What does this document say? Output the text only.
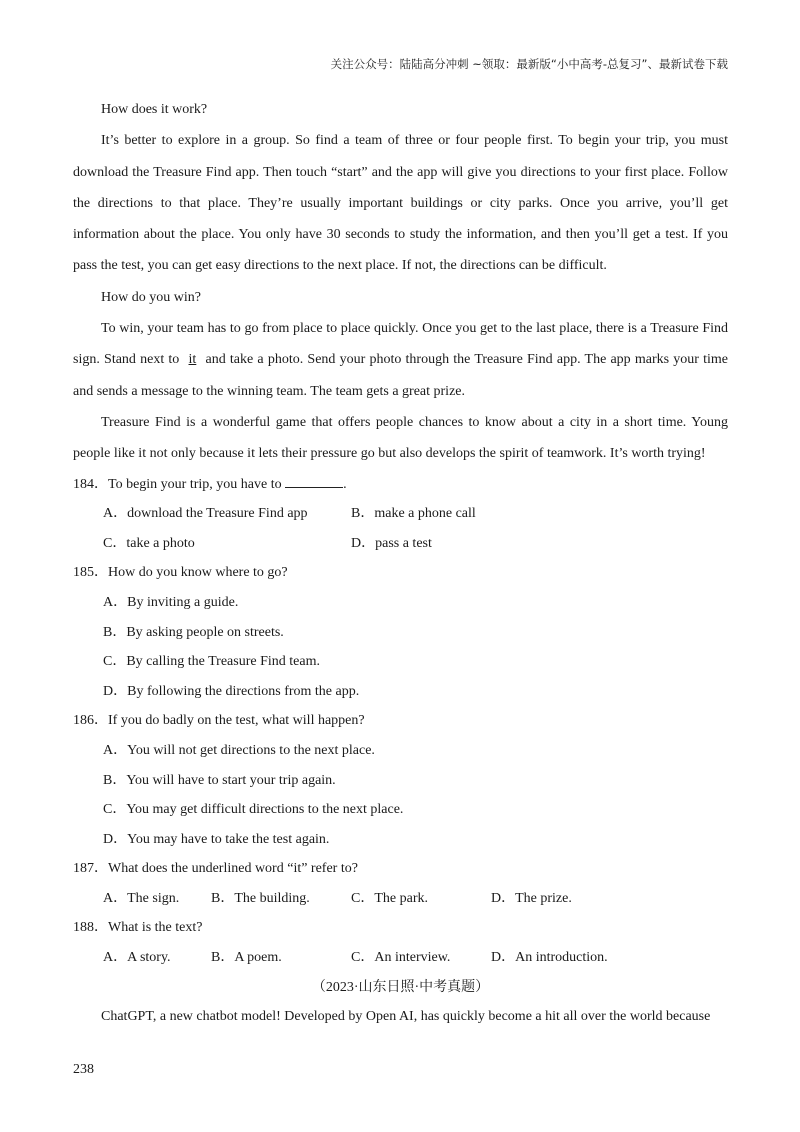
关注公众号：陆陆高分冲刺 ~领取：最新版“小中高考-总复习”、最新试卷下载

How does it work?

It’s better to explore in a group. So find a team of three or four people first. To begin your trip, you must download the Treasure Find app. Then touch “start” and the app will give you directions to your first place. Follow the directions to that place. They’re usually important buildings or city parks. Once you arrive, you’ll get information about the place. You only have 30 seconds to study the information, and then you’ll get a test. If you pass the test, you can get easy directions to the next place. If not, the directions can be difficult.

How do you win?

To win, your team has to go from place to place quickly. Once you get to the last place, there is a Treasure Find sign. Stand next to it and take a photo. Send your photo through the Treasure Find app. The app marks your time and sends a message to the winning team. The team gets a great prize.

Treasure Find is a wonderful game that offers people chances to know about a city in a short time. Young people like it not only because it lets their pressure go but also develops the spirit of teamwork. It’s worth trying!

184．To begin your trip, you have to	.

A．download the Treasure Find app	B．make a phone call
C．take a photo	D．pass a test

185．How do you know where to go?

A．By inviting a guide.

B．By asking people on streets.

C．By calling the Treasure Find team.

D．By following the directions from the app.

186．If you do badly on the test, what will happen?

A．You will not get directions to the next place.

B．You will have to start your trip again.

C．You may get difficult directions to the next place.

D．You may have to take the test again.

187．What does the underlined word “it” refer to?

A．The sign.	B．The building.	C．The park.	D．The prize.

188．What is the text?

A．A story.	B．A poem.	C．An interview.	D．An introduction.

（2023·山东日照·中考真题）

ChatGPT, a new chatbot model! Developed by Open AI, has quickly become a hit all over the world because

238
